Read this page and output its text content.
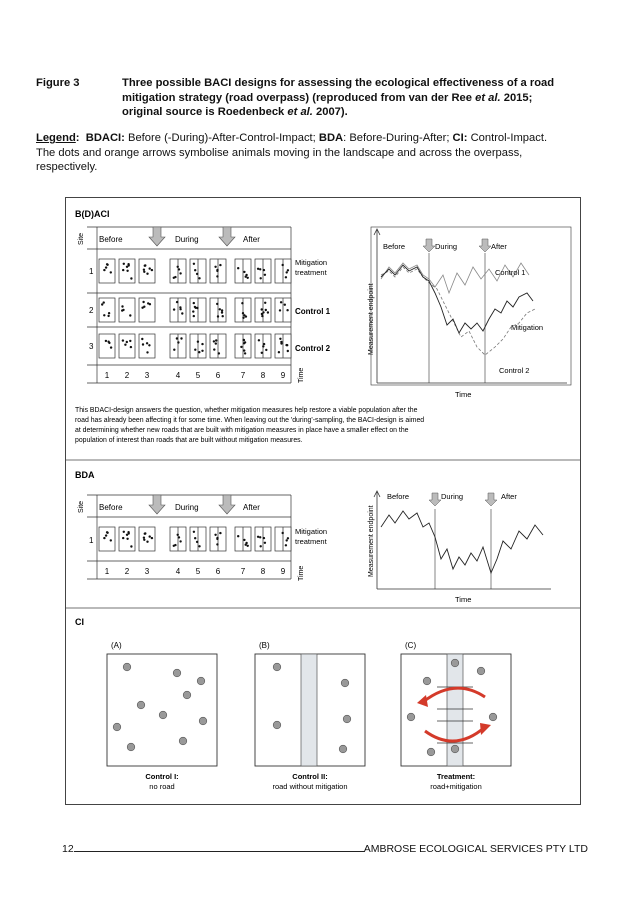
Figure 3	Three possible BACI designs for assessing the ecological effectiveness of a road
mitigation strategy (road overpass) (reproduced from van der Ree et al. 2015;
original source is Roedenbeck et al. 2007).
Legend: BDACI: Before (-During)-After-Control-Impact; BDA: Before-During-After; CI: Control-Impact.
The dots and orange arrows symbolise animals moving in the landscape and across the overpass,
respectively.
B(D)ACI
Site
Time
Before	During	After
1
2
3
Mitigation
treatment
Control 1
Control 2
1 2 3	4 5 6	7 8 9
Before	During	After
Control 1
Mitigation
Control 2
Time
Measurement endpoint
This BDACI-design answers the question, whether mitigation measures help restore a viable population after the
road has already been affecting it for some time. When leaving out the 'during'-sampling, the BACI-design is aimed
at determining whether new roads that are built with mitigation measures in place have a smaller effect on the
population of interest than roads that are built without mitigation measures.
BDA
Site
Time
Before	During	After
1
Mitigation
treatment
1 2 3	4 5 6	7 8 9
Before	During	After
Time
Measurement endpoint
CI
(A)
Control I:
no road
(B)
Control II:
road without mitigation
(C)
Treatment:
road+mitigation
12	AMBROSE ECOLOGICAL SERVICES PTY LTD
